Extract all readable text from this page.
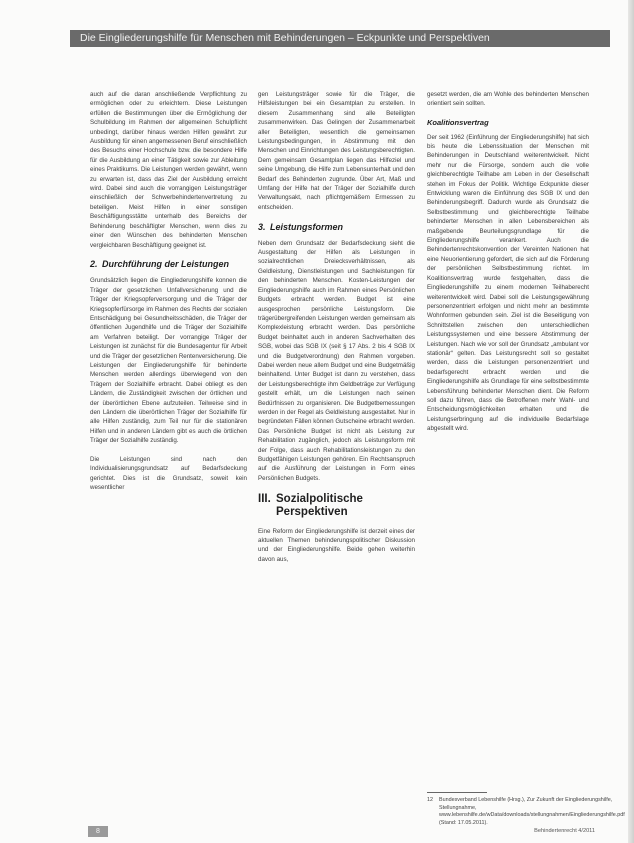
Die Eingliederungshilfe für Menschen mit Behinderungen – Eckpunkte und Perspektiven
auch auf die daran anschließende Verpflichtung zu ermöglichen oder zu erleichtern. Diese Leistungen erfüllen die Bestimmungen über die Ermöglichung der Schulbildung im Rahmen der allgemeinen Schulpflicht unbedingt, darüber hinaus werden Hilfen gewährt zur Ausbildung für einen angemessenen Beruf einschließlich des Besuchs einer Hochschule bzw. die besondere Hilfe für die Ausbildung an einer Tätigkeit sowie zur Ableitung eines Praktikums. Die Leistungen werden gewährt, wenn zu erwarten ist, dass das Ziel der Ausbildung erreicht wird. Dabei sind auch die vorrangigen Leistungsträger einschließlich der Schwerbehindertenvertretung zu beteiligen. Meist Hilfen in einer sonstigen Beschäftigungsstätte unterhalb des Bereichs der Behinderung beschäftigter Menschen, wenn dies zu einer den Wünschen des behinderten Menschen vergleichbaren Beschäftigung geeignet ist.
2. Durchführung der Leistungen
Grundsätzlich liegen die Eingliederungshilfe konnen die Träger der gesetzlichen Unfallversicherung und die Träger der Kriegsopferversorgung und die Träger der Kriegsopferfürsorge im Rahmen des Rechts der sozialen Entschädigung bei Gesundheitsschäden, die Träger der öffentlichen Jugendhilfe und die Träger der Sozialhilfe am Verfahren beteiligt. Der vorrangige Träger der Leistungen ist zunächst für die Bundesagentur für Arbeit und die Träger der gesetzlichen Rentenversicherung. Die Leistungen der Eingliederungshilfe für behinderte Menschen werden allerdings überwiegend von den Trägern der Sozialhilfe erbracht. Dabei obliegt es den Ländern, die Zuständigkeit zwischen der örtlichen und der überörtlichen Ebene aufzuteilen. Teilweise sind in den Ländern die überörtlichen Träger der Sozialhilfe für alle Hilfen zuständig, zum Teil nur für die stationären Hilfen und in anderen Ländern gibt es auch die örtlichen Träger der Sozialhilfe zuständig.
Die Leistungen sind nach den Individualisierungsgrundsatz auf Bedarfsdeckung gerichtet. Dies ist die Grundsatz, soweit kein wesentlicher
gen Leistungsträger sowie für die Träger, die Hilfsleistungen bei ein Gesamtplan zu erstellen. In diesem Zusammenhang sind alle Beteiligten zusammenwirken. Das Gelingen der Zusammenarbeit aller Beteiligten, wesentlich die gemeinsamen Leistungsbedingungen, in Abstimmung mit den Menschen und Einrichtungen des Leistungsberechtigten. Dem gemeinsam Gesamtplan liegen das Hilfeziel und seine Umgebung, die Hilfe zum Lebensunterhalt und den Bedarf des Behinderten zugrunde. Über Art, Maß und Umfang der Hilfe hat der Träger der Sozialhilfe durch Verwaltungsakt, nach pflichtgemäßem Ermessen zu entscheiden.
3. Leistungsformen
Neben dem Grundsatz der Bedarfsdeckung sieht die Ausgestaltung der Hilfen als Leistungen in sozialrechtlichen Dreiecksverhältnissen, als Geldleistung, Dienstleistungen und Sachleistungen für den behinderten Menschen. Kosten-Leistungen der Eingliederungshilfe auch im Rahmen eines Persönlichen Budgets erbracht werden. Budget ist eine ausgesprochen persönliche Leistungsform. Die trägerübergreifenden Leistungen werden gemeinsam als Komplexleistung erbracht werden. Das persönliche Budget beinhaltet auch in anderen Sachverhalten des SGB, wobei das SGB IX (seit § 17 Abs. 2 bis 4 SGB IX und die Budgetverordnung) den Rahmen vorgeben. Dabei werden neue allem Budget und eine Budgetmäßig beinhaltend. Unter Budget ist dann zu verstehen, dass der Leistungsberechtigte ihm Geldbeträge zur Verfügung gestellt erhält, um die Leistungen nach seinen Bedürfnissen zu organisieren. Die Budgetbemessungen werden in der Regel als Geldleistung ausgestaltet. Nur in begründeten Fällen können Gutscheine erbracht werden. Das Persönliche Budget ist nicht als Leistung zur Rehabilitation zugänglich, jedoch als Leistungsform mit der Folge, dass auch Rehabilitationsleistungen zu den Budgetfähigen Leistungen gehören. Ein Rechtsanspruch auf die Ausführung der Leistungen in Form eines Persönlichen Budgets.
III. Sozialpolitische Perspektiven
Eine Reform der Eingliederungshilfe ist derzeit eines der aktuellen Themen behinderungspolitischer Diskussion und der Eingliederungshilfe. Beide gehen weiterhin davon aus,
gesetzt werden, die am Wohle des behinderten Menschen orientiert sein sollten.
Koalitionsvertrag
Der seit 1962 (Einführung der Eingliederungshilfe) hat sich bis heute die Lebenssituation der Menschen mit Behinderungen in Deutschland weiterentwickelt. Nicht mehr nur die Fürsorge, sondern auch die volle gleichberechtigte Teilhabe am Leben in der Gesellschaft stehen im Fokus der Politik. Wichtige Eckpunkte dieser Entwicklung waren die Einführung des SGB IX und den Behinderungsbegriff. Dadurch wurde als Grundsatz die Selbstbestimmung und gleichberechtigte Teilhabe behinderter Menschen in allen Lebensbereichen als maßgebende Beurteilungsgrundlage für die Eingliederungshilfe verankert. Auch die Behindertenrechtskonvention der Vereinten Nationen hat eine Neuorientierung gefordert, die sich auf die Förderung der persönlichen Selbstbestimmung richtet. Im Koalitionsvertrag wurde festgehalten, dass die Eingliederungshilfe zu einem modernen Teilhaberecht weiterentwickelt wird. Dabei soll die Leistungsgewährung personenzentriert erfolgen und nicht mehr an bestimmte Wohnformen gebunden sein. Ziel ist die Beseitigung von Schnittstellen zwischen den unterschiedlichen Leistungssystemen und eine bessere Abstimmung der Leistungen. Nach wie vor soll der Grundsatz „ambulant vor stationär“ gelten. Das Leistungsrecht soll so gestaltet werden, dass die Leistungen personenzentriert und bedarfsgerecht erbracht werden und die Eingliederungshilfe als Grundlage für eine selbstbestimmte Lebensführung behinderter Menschen dient. Die Reform soll dazu führen, dass die Betroffenen mehr Wahl- und Entscheidungsmöglichkeiten erhalten und die Leistungserbringung auf die individuelle Bedarfslage abgestellt wird.
12	Bundesverband Lebenshilfe (Hrsg.), Zur Zukunft der Eingliederungshilfe, Stellungnahme, www.lebenshilfe.de/wData/downloads/stellungnahmen/Eingliederungshilfe.pdf (Stand: 17.05.2011).
8	Behindertenrecht 4/2011
